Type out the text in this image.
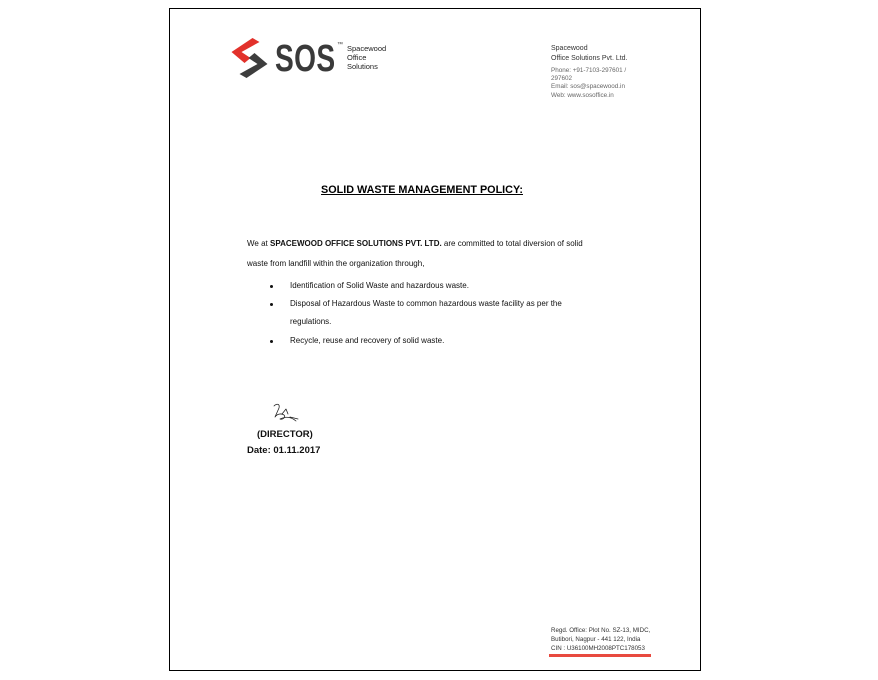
SOS ™ Spacewood
Office
Solutions
Spacewood
Office Solutions Pvt. Ltd.
Phone: +91-7103-297601 /
297602
Email: sos@spacewood.in
Web: www.sosoffice.in
SOLID WASTE MANAGEMENT POLICY:
We at SPACEWOOD OFFICE SOLUTIONS PVT. LTD. are committed to total diversion of solid
waste from landfill within the organization through,
Identification of Solid Waste and hazardous waste.
Disposal of Hazardous Waste to common hazardous waste facility as per the
regulations.
Recycle, reuse and recovery of solid waste.
(DIRECTOR)
Date: 01.11.2017
Regd. Office: Plot No. SZ-13, MIDC,
Butibori, Nagpur - 441 122, India
CIN : U36100MH2008PTC178053
